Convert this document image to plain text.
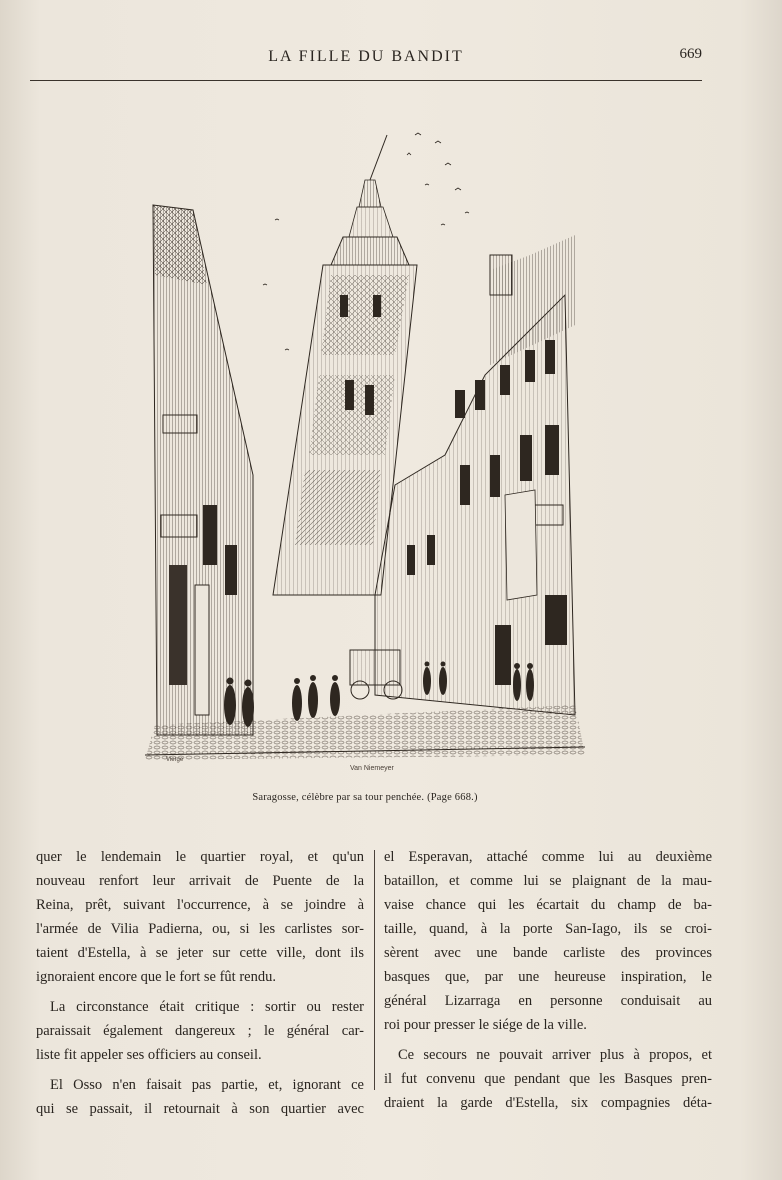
LA FILLE DU BANDIT	669
Vierge
Van Niemeyer
Saragosse, célèbre par sa tour penchée. (Page 668.)
quer le lendemain le quartier royal, et qu'un
nouveau renfort leur arrivait de Puente de la
Reina, prêt, suivant l'occurrence, à se joindre à
l'armée de Vilia Padierna, ou, si les carlistes sor-
taient d'Estella, à se jeter sur cette ville, dont ils
ignoraient encore que le fort se fût rendu.
La circonstance était critique : sortir ou rester
paraissait également dangereux ; le général car-
liste fit appeler ses officiers au conseil.
El Osso n'en faisait pas partie, et, ignorant ce
qui se passait, il retournait à son quartier avec
el Esperavan, attaché comme lui au deuxième
bataillon, et comme lui se plaignant de la mau-
vaise chance qui les écartait du champ de ba-
taille, quand, à la porte San-Iago, ils se croi-
sèrent avec une bande carliste des provinces
basques que, par une heureuse inspiration, le
général Lizarraga en personne conduisait au
roi pour presser le siége de la ville.
Ce secours ne pouvait arriver plus à propos, et
il fut convenu que pendant que les Basques pren-
draient la garde d'Estella, six compagnies déta-
